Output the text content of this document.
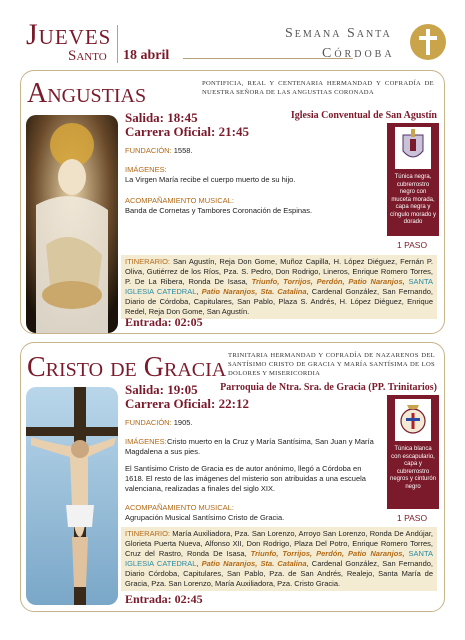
Jueves
Santo 18 abril
Semana Santa
Córdoba
Angustias	PONTIFICIA, REAL Y CENTENARIA HERMANDAD Y COFRADÍA DE NUESTRA SEÑORA DE LAS ANGUSTIAS CORONADA
Salida: 18:45
Carrera Oficial: 21:45
Iglesia Conventual de San Agustín
FUNDACIÓN: 1558.
IMÁGENES:
La Virgen María recibe el cuerpo muerto de su hijo.
ACOMPAÑAMIENTO MUSICAL:
Banda de Cornetas y Tambores Coronación de Espinas.
Túnica negra, cubrerrostro negro con muceta morada, capa negra y cíngulo morado y dorado
1 PASO
ITINERARIO: San Agustín, Reja Don Gome, Muñoz Capilla, H. López Diéguez, Fernán P. Oliva, Gutiérrez de los Ríos, Pza. S. Pedro, Don Rodrigo, Lineros, Enrique Romero Torres, P. De La Ribera, Ronda De Isasa, Triunfo, Torrijos, Perdón, Patio Naranjos, SANTA IGLESIA CATEDRAL, Patio Naranjos, Sta. Catalina, Cardenal González, San Fernando, Diario de Córdoba, Capitulares, San Pablo, Plaza S. Andrés, H. López Diéguez, Enrique Redel, Reja Don Gome, San Agustín.
Entrada: 02:05
Cristo de Gracia TRINITARIA HERMANDAD Y COFRADÍA DE NAZARENOS DEL SANTÍSIMO CRISTO DE GRACIA Y MARÍA SANTÍSIMA DE LOS DOLORES Y MISERICORDIA
Salida: 19:05
Carrera Oficial: 22:12
Parroquia de Ntra. Sra. de Gracia (PP. Trinitarios)
FUNDACIÓN: 1905.
IMÁGENES: Cristo muerto en la Cruz y María Santísima, San Juan y María Magdalena a sus pies.
El Santísimo Cristo de Gracia es de autor anónimo, llegó a Córdoba en 1618. El resto de las imágenes del misterio son atribuidas a una escuela valenciana, realizadas a finales del siglo XIX.
ACOMPAÑAMIENTO MUSICAL:
Agrupación Musical Santísimo Cristo de Gracia.
Túnica blanca con escapulario, capa y cubrerrostro negros y cinturón negro
1 PASO
ITINERARIO: María Auxiliadora, Pza. San Lorenzo, Arroyo San Lorenzo, Ronda De Andújar, Glorieta Puerta Nueva, Alfonso XII, Don Rodrigo, Plaza Del Potro, Enrique Romero Torres, Cruz del Rastro, Ronda De Isasa, Triunfo, Torrijos, Perdón, Patio Naranjos, SANTA IGLESIA CATEDRAL, Patio Naranjos, Sta. Catalina, Cardenal González, San Fernando, Diario Córdoba, Capitulares, San Pablo, Pza. de San Andrés, Realejo, Santa María de Gracia, Pza. San Lorenzo, María Auxiliadora, Pza. Cristo Gracia.
Entrada: 02:45
